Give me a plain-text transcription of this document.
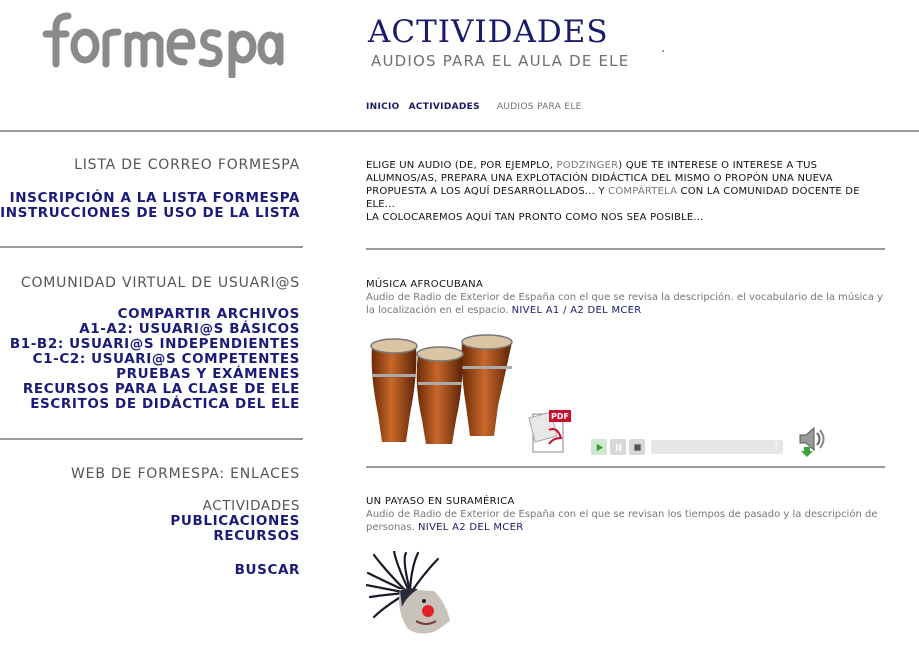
ACTIVIDADES
AUDIOS PARA EL AULA DE ELE
INICIO ACTIVIDADES AUDIOS PARA ELE
LISTA DE CORREO FORMESPA
INSCRIPCIÓN A LA LISTA FORMESPA
INSTRUCCIONES DE USO DE LA LISTA
COMUNIDAD VIRTUAL DE USUARI@S
COMPARTIR ARCHIVOS
A1-A2: USUARI@S BÁSICOS
B1-B2: USUARI@S INDEPENDIENTES
C1-C2: USUARI@S COMPETENTES
PRUEBAS Y EXÁMENES
RECURSOS PARA LA CLASE DE ELE
ESCRITOS DE DIDÁCTICA DEL ELE
WEB DE FORMESPA: ENLACES
ACTIVIDADES
PUBLICACIONES
RECURSOS
BUSCAR
ELIGE UN AUDIO (DE, POR EJEMPLO, PODZINGER) QUE TE INTERESE O INTERESE A TUS ALUMNOS/AS, PREPARA UNA EXPLOTACIÓN DIDÁCTICA DEL MISMO O PROPÓN UNA NUEVA PROPUESTA A LOS AQUÍ DESARROLLADOS... Y COMPÁRTELA CON LA COMUNIDAD DOCENTE DE ELE...
LA COLOCAREMOS AQUÍ TAN PRONTO COMO NOS SEA POSIBLE...
MÚSICA AFROCUBANA
Audio de Radio de Exterior de España con el que se revisa la descripción. el vocabulario de la música y la localización en el espacio. NIVEL A1 / A2 DEL MCER
PDF
?
UN PAYASO EN SURAMÉRICA
Audio de Radio de Exterior de España con el que se revisan los tiempos de pasado y la descripción de personas. NIVEL A2 DEL MCER
